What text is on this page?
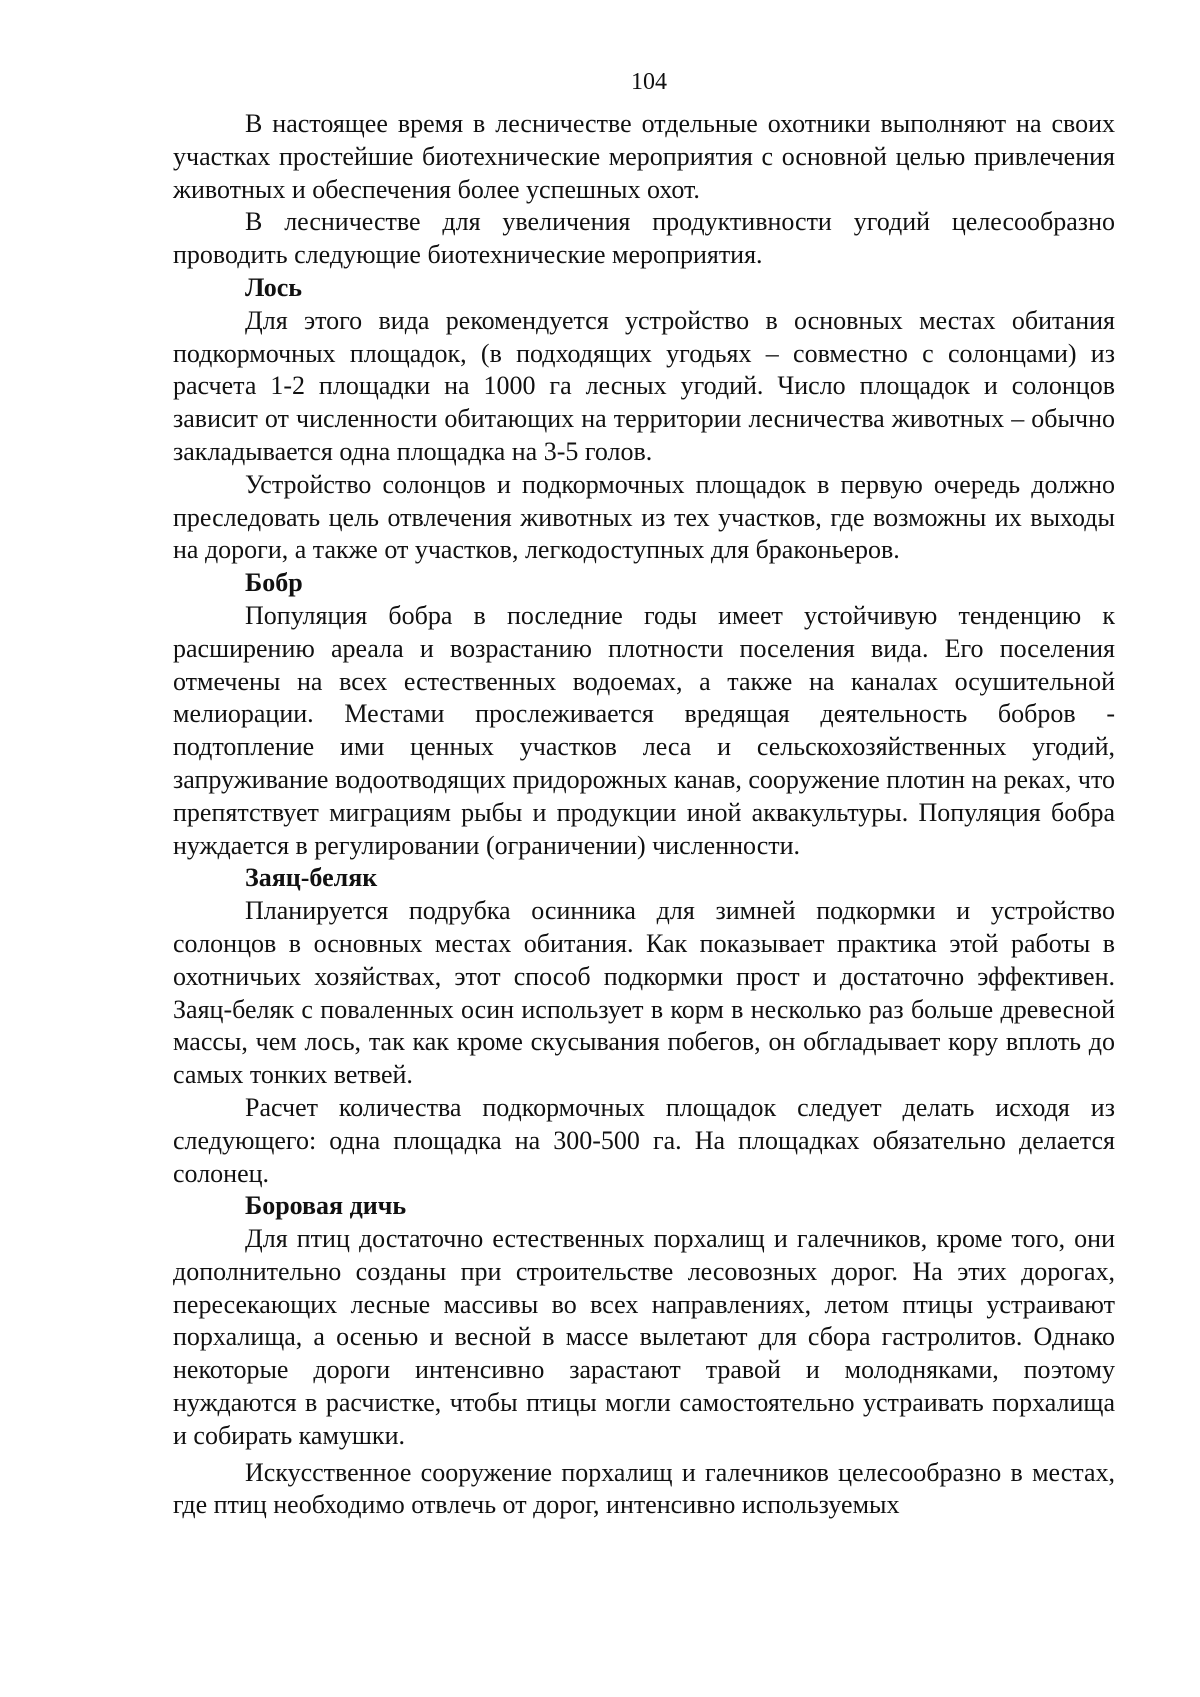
104

В настоящее время в лесничестве отдельные охотники выполняют на своих участках простейшие биотехнические мероприятия с основной целью привлечения животных и обеспечения более успешных охот.

В лесничестве для увеличения продуктивности угодий целесообразно проводить следующие биотехнические мероприятия.

Лось

Для этого вида рекомендуется устройство в основных местах обитания подкормочных площадок, (в подходящих угодьях – совместно с солонцами) из расчета 1-2 площадки на 1000 га лесных угодий. Число площадок и солонцов зависит от численности обитающих на территории лесничества животных – обычно закладывается одна площадка на 3-5 голов.

Устройство солонцов и подкормочных площадок в первую очередь должно преследовать цель отвлечения животных из тех участков, где возможны их выходы на дороги, а также от участков, легкодоступных для браконьеров.

Бобр

Популяция бобра в последние годы имеет устойчивую тенденцию к расширению ареала и возрастанию плотности поселения вида. Его поселения отмечены на всех естественных водоемах, а также на каналах осушительной мелиорации. Местами прослеживается вредящая деятельность бобров - подтопление ими ценных участков леса и сельскохозяйственных угодий, запруживание водоотводящих придорожных канав, сооружение плотин на реках, что препятствует миграциям рыбы и продукции иной аквакультуры. Популяция бобра нуждается в регулировании (ограничении) численности.

Заяц-беляк

Планируется подрубка осинника для зимней подкормки и устройство солонцов в основных местах обитания. Как показывает практика этой работы в охотничьих хозяйствах, этот способ подкормки прост и достаточно эффективен. Заяц-беляк с поваленных осин использует в корм в несколько раз больше древесной массы, чем лось, так как кроме скусывания побегов, он обгладывает кору вплоть до самых тонких ветвей.

Расчет количества подкормочных площадок следует делать исходя из следующего: одна площадка на 300-500 га. На площадках обязательно делается солонец.

Боровая дичь

Для птиц достаточно естественных порхалищ и галечников, кроме того, они дополнительно созданы при строительстве лесовозных дорог. На этих дорогах, пересекающих лесные массивы во всех направлениях, летом птицы устраивают порхалища, а осенью и весной в массе вылетают для сбора гастролитов. Однако некоторые дороги интенсивно зарастают травой и молодняками, поэтому нуждаются в расчистке, чтобы птицы могли самостоятельно устраивать порхалища и собирать камушки.

Искусственное сооружение порхалищ и галечников целесообразно в местах, где птиц необходимо отвлечь от дорог, интенсивно используемых
